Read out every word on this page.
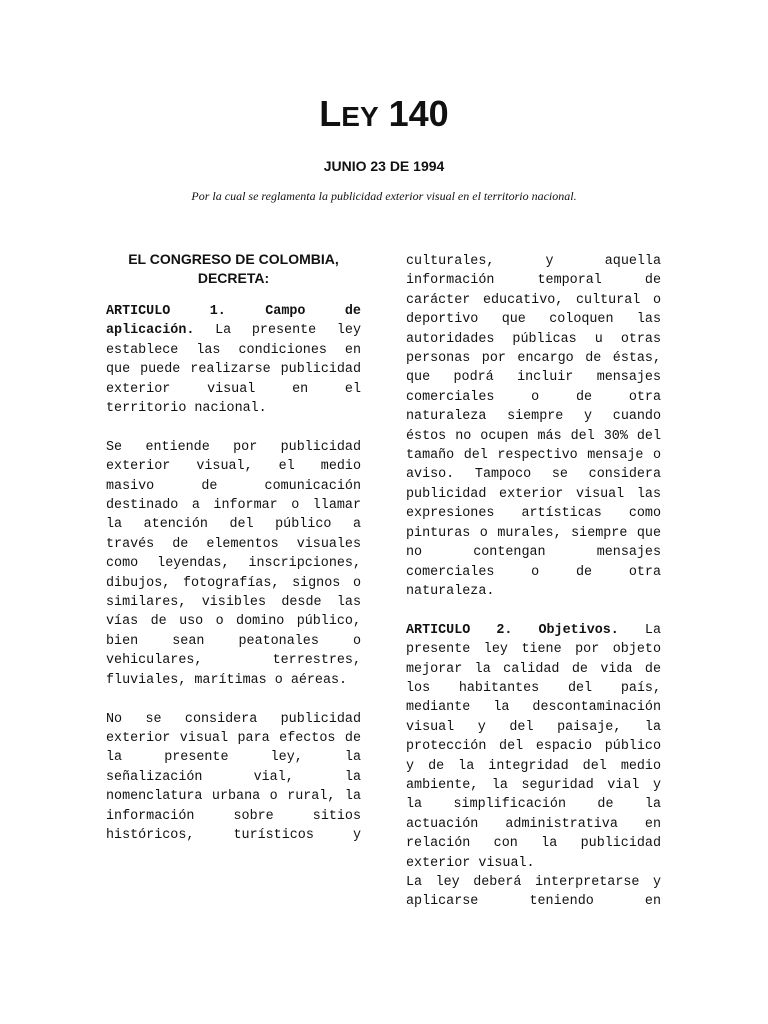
LEY 140

JUNIO 23 DE 1994

Por la cual se reglamenta la publicidad exterior visual en el territorio nacional.

EL CONGRESO DE COLOMBIA,

DECRETA:

ARTICULO 1.	Campo de aplicación. La presente ley establece las condiciones en que puede realizarse publicidad exterior visual en el territorio nacional.

Se entiende por publicidad exterior visual, el medio masivo de comunicación destinado a informar o llamar la atención del público a través de elementos visuales como leyendas, inscripciones, dibujos, fotografías, signos o similares, visibles desde las vías de uso o domino público, bien sean peatonales o vehiculares, terrestres, fluviales, marítimas o aéreas.

No se considera publicidad exterior visual para efectos de la presente ley, la señalización vial, la nomenclatura urbana o rural, la información sobre sitios históricos, turísticos y

culturales, y aquella información temporal de carácter educativo, cultural o deportivo que coloquen las autoridades públicas u otras personas por encargo de éstas, que podrá incluir mensajes comerciales o de otra naturaleza siempre y cuando éstos no ocupen más del 30% del tamaño del respectivo mensaje o aviso. Tampoco se considera publicidad exterior visual las expresiones artísticas como pinturas o murales, siempre que no contengan mensajes comerciales o de otra naturaleza.

ARTICULO 2. Objetivos. La presente ley tiene por objeto mejorar la calidad de vida de los habitantes del país, mediante la descontaminación visual y del paisaje, la protección del espacio público y de la integridad del medio ambiente, la seguridad vial y la simplificación de la actuación administrativa en relación con la publicidad exterior visual.

La ley deberá interpretarse y aplicarse teniendo en
